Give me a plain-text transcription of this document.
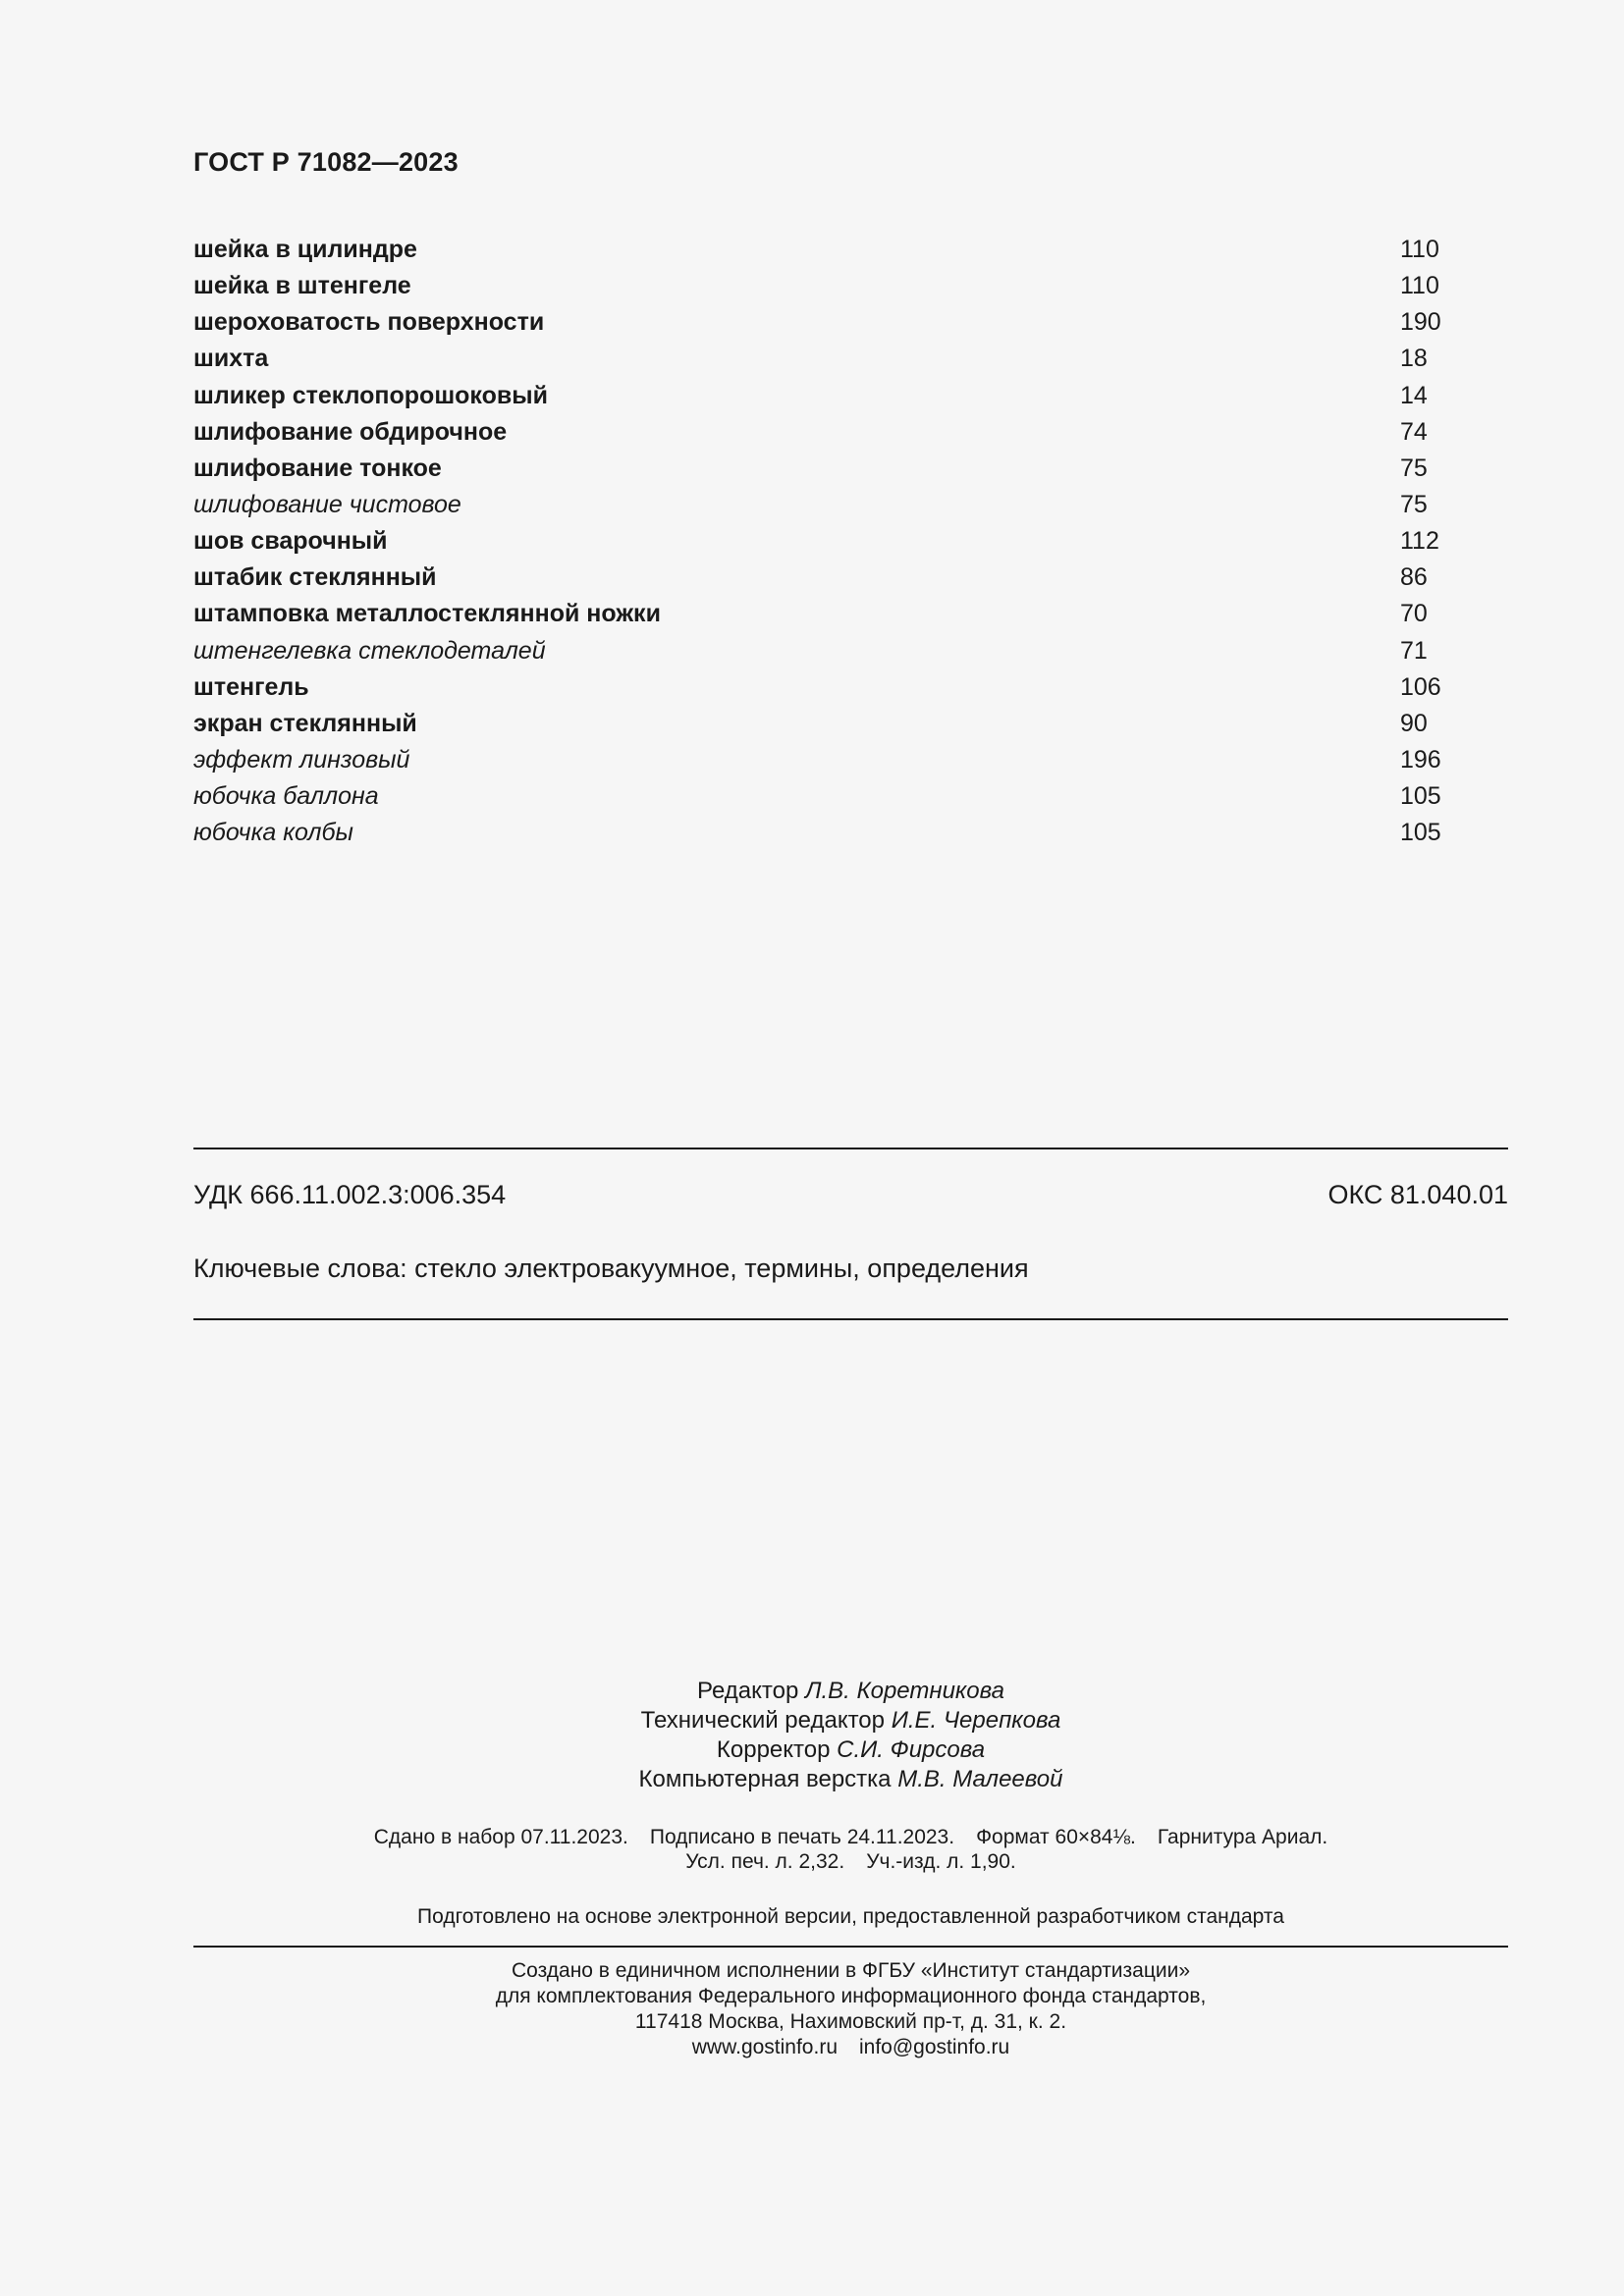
ГОСТ Р 71082—2023
шейка в цилиндре	110
шейка в штенгеле	110
шероховатость поверхности	190
шихта	18
шликер стеклопорошоковый	14
шлифование обдирочное	74
шлифование тонкое	75
шлифование чистовое	75
шов сварочный	112
штабик стеклянный	86
штамповка металлостеклянной ножки	70
штенгелевка стеклодеталей	71
штенгель	106
экран стеклянный	90
эффект линзовый	196
юбочка баллона	105
юбочка колбы	105
УДК 666.11.002.3:006.354	ОКС 81.040.01
Ключевые слова: стекло электровакуумное, термины, определения
Редактор Л.В. Коретникова
Технический редактор И.Е. Черепкова
Корректор С.И. Фирсова
Компьютерная верстка М.В. Малеевой
Сдано в набор 07.11.2023. Подписано в печать 24.11.2023. Формат 60×84⅛. Гарнитура Ариал.
Усл. печ. л. 2,32. Уч.-изд. л. 1,90.
Подготовлено на основе электронной версии, предоставленной разработчиком стандарта
Создано в единичном исполнении в ФГБУ «Институт стандартизации»
для комплектования Федерального информационного фонда стандартов,
117418 Москва, Нахимовский пр-т, д. 31, к. 2.
www.gostinfo.ru info@gostinfo.ru
